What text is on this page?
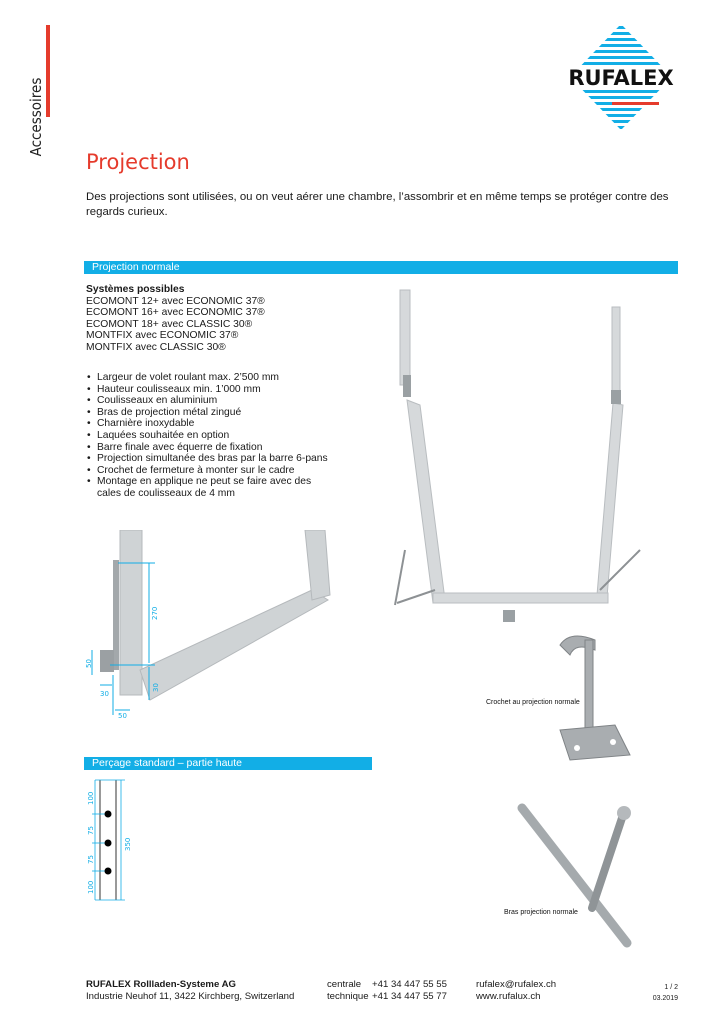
Accessoires	RUFALEX
Projection
Des projections sont utilisées, ou on veut aérer une chambre, l’assombrir et en même temps se protéger contre des regards curieux.
Projection normale
Systèmes possibles
ECOMONT 12+ avec ECONOMIC 37®
ECOMONT 16+ avec ECONOMIC 37®
ECOMONT 18+ avec CLASSIC 30®
MONTFIX avec ECONOMIC 37®
MONTFIX avec CLASSIC 30®
• Largeur de volet roulant max. 2’500 mm
• Hauteur coulisseaux min. 1’000 mm
• Coulisseaux en aluminium
• Bras de projection métal zingué
• Charnière inoxydable
• Laquées souhaitée en option
• Barre finale avec équerre de fixation
• Projection simultanée des bras par la barre 6-pans
• Crochet de fermeture à monter sur le cadre
• Montage en applique ne peut se faire avec des cales de coulisseaux de 4 mm
270
50
30
50
30
Crochet au projection normale
Bras projection normale
Perçage standard – partie haute
100
75
75
100
350
RUFALEX Rollladen-Systeme AG
Industrie Neuhof 11, 3422 Kirchberg, Switzerland
centrale +41 34 447 55 55
technique +41 34 447 55 77
rufalex@rufalex.ch
www.rufalux.ch
1 / 2
03.2019
